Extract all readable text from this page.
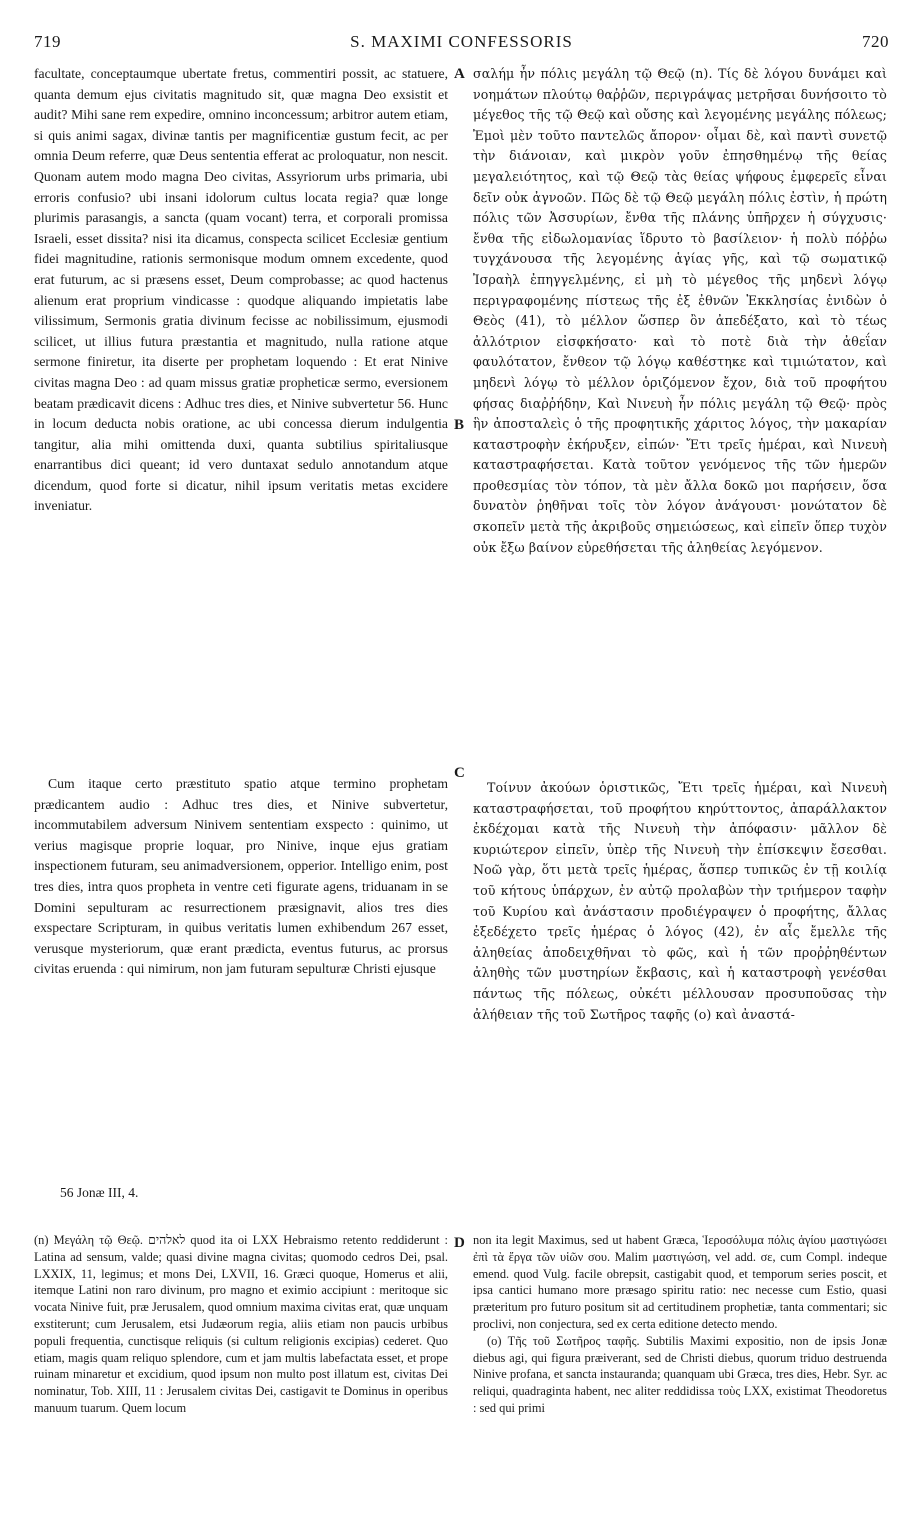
719	S. MAXIMI CONFESSORIS	720
A
B
C
D

facultate, conceptaumque ubertate fretus, commentiri possit, ac statuere, quanta demum ejus civitatis magnitudo sit, quæ magna Deo exsistit et audit? Mihi sane rem expedire, omnino inconcessum; arbitror autem etiam, si quis animi sagax, divinæ tantis per magnificentiæ gustum fecit, ac per omnia Deum referre, quæ Deus sententia efferat ac proloquatur, non nescit. Quonam autem modo magna Deo civitas, Assyriorum urbs primaria, ubi erroris confusio? ubi insani idolorum cultus locata regia? quæ longe plurimis parasangis, a sancta (quam vocant) terra, et corporali promissa Israeli, esset dissita? nisi ita dicamus, conspecta scilicet Ecclesiæ gentium fidei magnitudine, rationis sermonisque modum omnem excedente, quod erat futurum, ac si præsens esset, Deum comprobasse; ac quod hactenus alienum erat proprium vindicasse : quodque aliquando impietatis labe vilissimum, Sermonis gratia divinum fecisse ac nobilissimum, ejusmodi scilicet, ut illius futura præstantia et magnitudo, nulla ratione atque sermone finiretur, ita diserte per prophetam loquendo : Et erat Ninive civitas magna Deo : ad quam missus gratiæ propheticæ sermo, eversionem beatam prædicavit dicens : Adhuc tres dies, et Ninive subvertetur 56. Hunc in locum deducta nobis oratione, ac ubi concessa dierum indulgentia tangitur, alia mihi omittenda duxi, quanta subtilius spiritaliusque enarrantibus dici queant; id vero duntaxat sedulo annotandum atque dicendum, quod forte si dicatur, nihil ipsum veritatis metas excidere inveniatur.

σαλήμ ἦν πόλις μεγάλη τῷ Θεῷ (n). Τίς δὲ λόγου δυνάμει καὶ νοημάτων πλούτῳ θαῤῥῶν, περιγράψας μετρῆσαι δυνήσοιτο τὸ μέγεθος τῆς τῷ Θεῷ καὶ οὔσης καὶ λεγομένης μεγάλης πόλεως; Ἐμοὶ μὲν τοῦτο παντελῶς ἄπορον· οἶμαι δὲ, καὶ παντὶ συνετῷ τὴν διάνοιαν, καὶ μικρὸν γοῦν ἐπησθημένῳ τῆς θείας μεγαλειότητος, καὶ τῷ Θεῷ τὰς θείας ψήφους ἐμφερεῖς εἶναι δεῖν οὐκ ἀγνοῶν. Πῶς δὲ τῷ Θεῷ μεγάλη πόλις ἐστὶν, ἡ πρώτη πόλις τῶν Ἀσσυρίων, ἔνθα τῆς πλάνης ὑπῆρχεν ἡ σύγχυσις· ἔνθα τῆς εἰδωλομανίας ἵδρυτο τὸ βασίλειον· ἡ πολὺ πόῤῥω τυγχάνουσα τῆς λεγομένης ἁγίας γῆς, καὶ τῷ σωματικῷ Ἰσραὴλ ἐπηγγελμένης, εἰ μὴ τὸ μέγεθος τῆς μηδενὶ λόγῳ περιγραφομένης πίστεως τῆς ἐξ ἐθνῶν Ἐκκλησίας ἐνιδὼν ὁ Θεὸς (41), τὸ μέλλον ὥσπερ ὂν ἀπεδέξατο, καὶ τὸ τέως ἀλλότριον εἰσφκήσατο· καὶ τὸ ποτὲ διὰ τὴν ἀθεΐαν φαυλότατον, ἔνθεον τῷ λόγῳ καθέστηκε καὶ τιμιώτατον, καὶ μηδενὶ λόγῳ τὸ μέλλον ὁριζόμενον ἔχον, διὰ τοῦ προφήτου φήσας διαῤῥήδην, Καὶ Νινευὴ ἦν πόλις μεγάλη τῷ Θεῷ· πρὸς ἣν ἀποσταλεὶς ὁ τῆς προφητικῆς χάριτος λόγος, τὴν μακαρίαν καταστροφὴν ἐκήρυξεν, εἰπών· Ἔτι τρεῖς ἡμέραι, καὶ Νινευὴ καταστραφήσεται. Κατὰ τοῦτον γενόμενος τῆς τῶν ἡμερῶν προθεσμίας τὸν τόπον, τὰ μὲν ἄλλα δοκῶ μοι παρήσειν, ὅσα δυνατὸν ῥηθῆναι τοῖς τὸν λόγον ἀνάγουσι· μονώτατον δὲ σκοπεῖν μετὰ τῆς ἀκριβοῦς σημειώσεως, καὶ εἰπεῖν ὅπερ τυχὸν οὐκ ἔξω βαίνον εὑρεθήσεται τῆς ἀληθείας λεγόμενον.

Cum itaque certo præstituto spatio atque termino prophetam prædicantem audio : Adhuc tres dies, et Ninive subvertetur, incommutabilem adversum Ninivem sententiam exspecto : quinimo, ut verius magisque proprie loquar, pro Ninive, inque ejus gratiam inspectionem futuram, seu animadversionem, opperior. Intelligo enim, post tres dies, intra quos propheta in ventre ceti figurate agens, triduanam in se Domini sepulturam ac resurrectionem præsignavit, alios tres dies exspectare Scripturam, in quibus veritatis lumen exhibendum 267 esset, verusque mysteriorum, quæ erant prædicta, eventus futurus, ac prorsus civitas eruenda : qui nimirum, non jam futuram sepulturæ Christi ejusque

Τοίνυν ἀκούων ὁριστικῶς, Ἔτι τρεῖς ἡμέραι, καὶ Νινευὴ καταστραφήσεται, τοῦ προφήτου κηρύττοντος, ἀπαράλλακτον ἐκδέχομαι κατὰ τῆς Νινευὴ τὴν ἀπόφασιν· μᾶλλον δὲ κυριώτερον εἰπεῖν, ὑπὲρ τῆς Νινευὴ τὴν ἐπίσκεψιν ἔσεσθαι. Νοῶ γὰρ, ὅτι μετὰ τρεῖς ἡμέρας, ἅσπερ τυπικῶς ἐν τῇ κοιλίᾳ τοῦ κήτους ὑπάρχων, ἐν αὐτῷ προλαβὼν τὴν τριήμερον ταφὴν τοῦ Κυρίου καὶ ἀνάστασιν προδιέγραψεν ὁ προφήτης, ἄλλας ἐξεδέχετο τρεῖς ἡμέρας ὁ λόγος (42), ἐν αἷς ἔμελλε τῆς ἀληθείας ἀποδειχθῆναι τὸ φῶς, καὶ ἡ τῶν προῤῥηθέντων ἀληθὴς τῶν μυστηρίων ἔκβασις, καὶ ἡ καταστροφὴ γενέσθαι πάντως τῆς πόλεως, οὐκέτι μέλλουσαν προσυποῦσας τὴν ἀλήθειαν τῆς τοῦ Σωτῆρος ταφῆς (o) καὶ ἀναστά-

56 Jonæ III, 4.

(n) Μεγάλη τῷ Θεῷ. לאלהים quod ita oi LXX Hebraismo retento reddiderunt : Latina ad sensum, valde; quasi divine magna civitas; quomodo cedros Dei, psal. LXXIX, 11, legimus; et mons Dei, LXVII, 16. Græci quoque, Homerus et alii, itemque Latini non raro divinum, pro magno et eximio accipiunt : meritoque sic vocata Ninive fuit, præ Jerusalem, quod omnium maxima civitas erat, quæ unquam exstiterunt; cum Jerusalem, etsi Judæorum regia, aliis etiam non paucis urbibus populi frequentia, cunctisque reliquis (si cultum religionis excipias) cederet. Quo etiam, magis quam reliquo splendore, cum et jam multis labefactata esset, et prope ruinam minaretur et excidium, quod ipsum non multo post illatum est, civitas Dei nominatur, Tob. XIII, 11 : Jerusalem civitas Dei, castigavit te Dominus in operibus manuum tuarum. Quem locum

non ita legit Maximus, sed ut habent Græca, Ἱεροσόλυμα πόλις ἁγίου μαστιγώσει ἐπὶ τὰ ἔργα τῶν υἱῶν σου. Malim μαστιγώση, vel add. σε, cum Compl. indeque emend. quod Vulg. facile obrepsit, castigabit quod, et temporum series poscit, et ipsa cantici humano more præsago spiritu ratio: nec necesse cum Estio, quasi præteritum pro futuro positum sit ad certitudinem prophetiæ, tanta commentari; sic proclivi, non conjectura, sed ex certa editione detecto mendo.

(o) Τῆς τοῦ Σωτῆρος ταφῆς. Subtilis Maximi expositio, non de ipsis Jonæ diebus agi, qui figura præiverant, sed de Christi diebus, quorum triduo destruenda Ninive profana, et sancta instauranda; quanquam ubi Græca, tres dies, Hebr. Syr. ac reliqui, quadraginta habent, nec aliter reddidissa τοὺς LXX, existimat Theodoretus : sed qui primi
